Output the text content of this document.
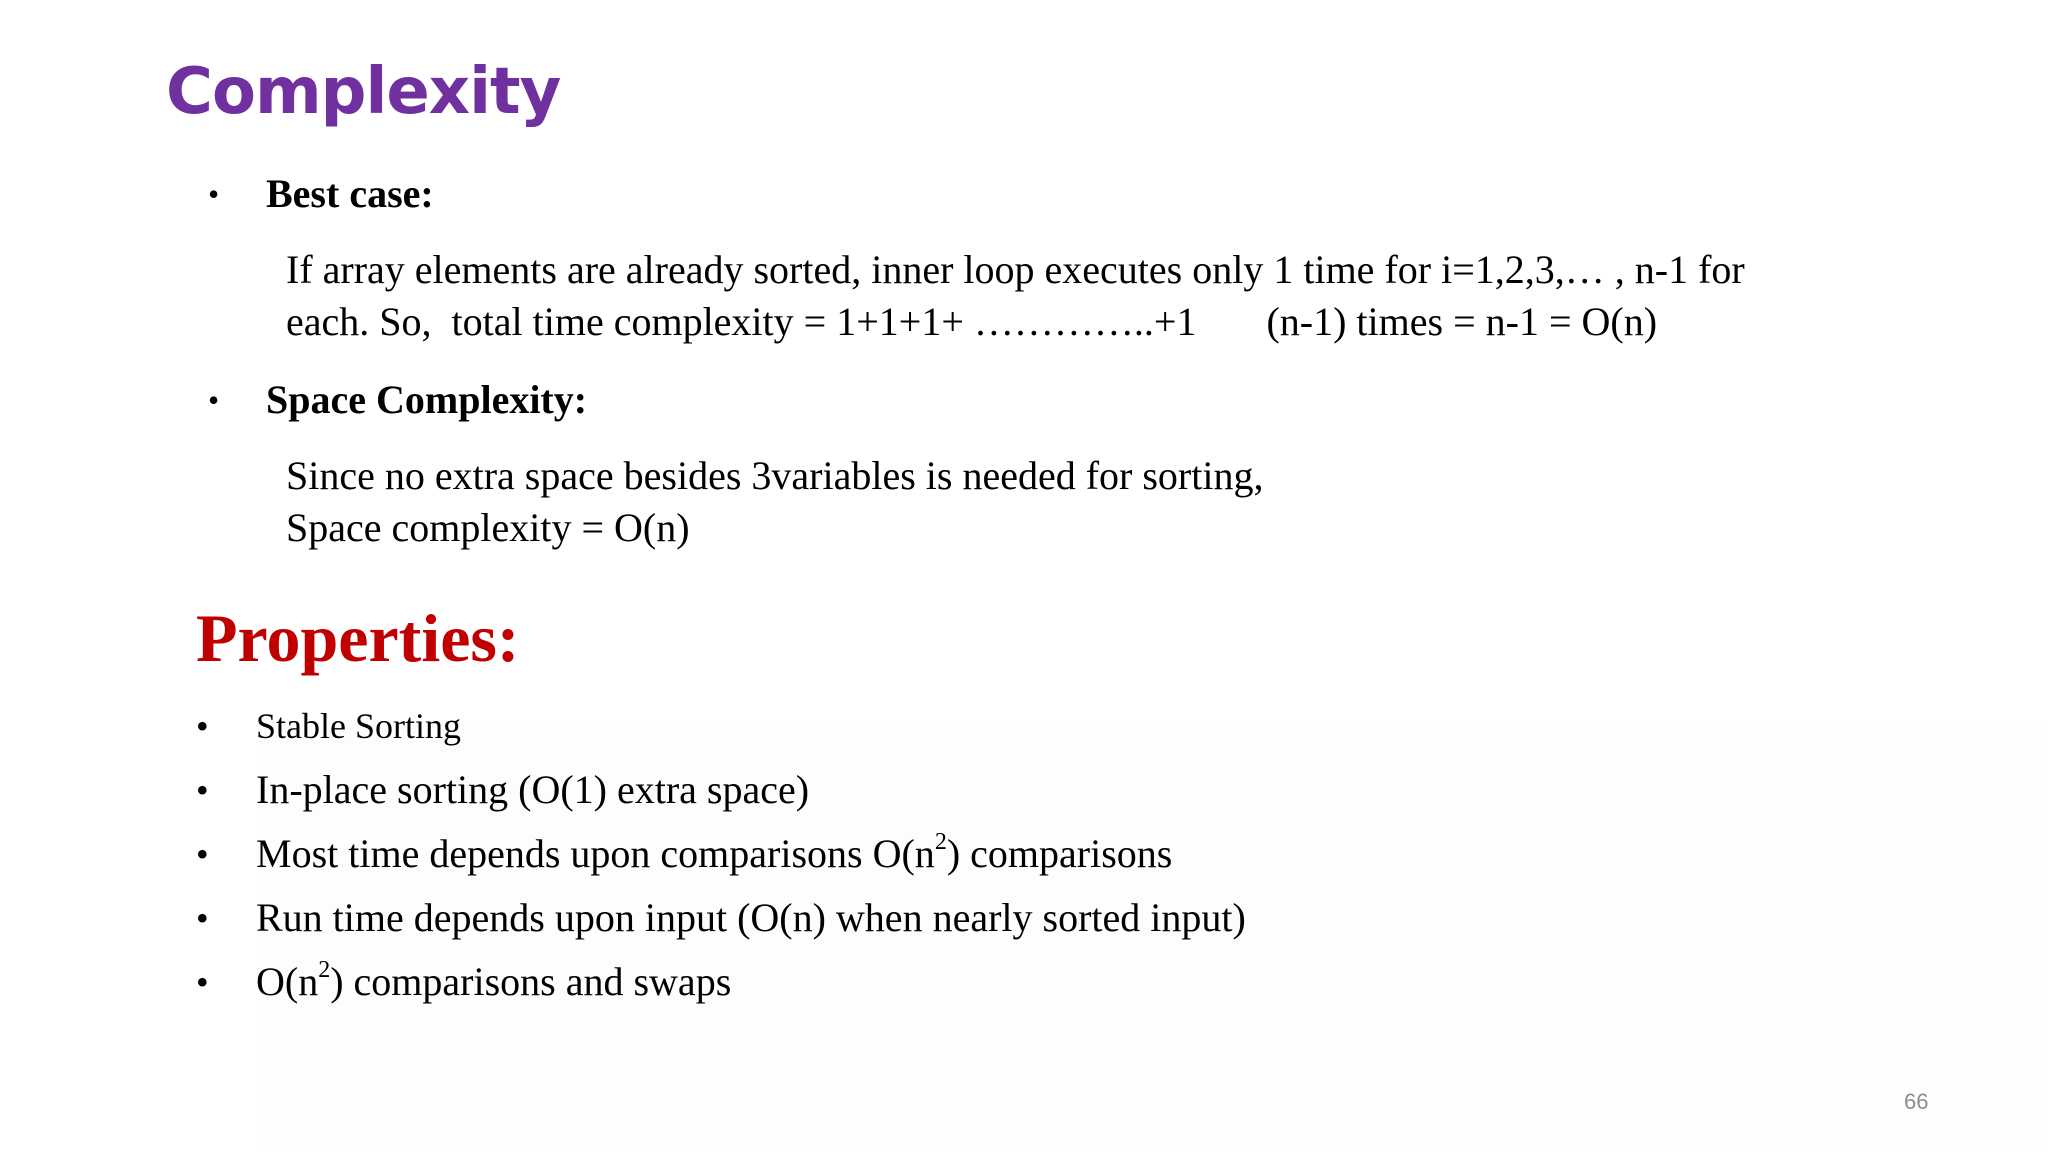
Complexity
• Best case:
If array elements are already sorted, inner loop executes only 1 time for i=1,2,3,… , n-1 for
each. So,  total time complexity = 1+1+1+ …………..+1       (n-1) times = n-1 = O(n)
• Space Complexity:
Since no extra space besides 3variables is needed for sorting,
Space complexity = O(n)
Properties:
• Stable Sorting
• In-place sorting (O(1) extra space)
• Most time depends upon comparisons $O(n^2)$ comparisons
• Run time depends upon input (O(n) when nearly sorted input)
• $O(n^2)$ comparisons and swaps
66
